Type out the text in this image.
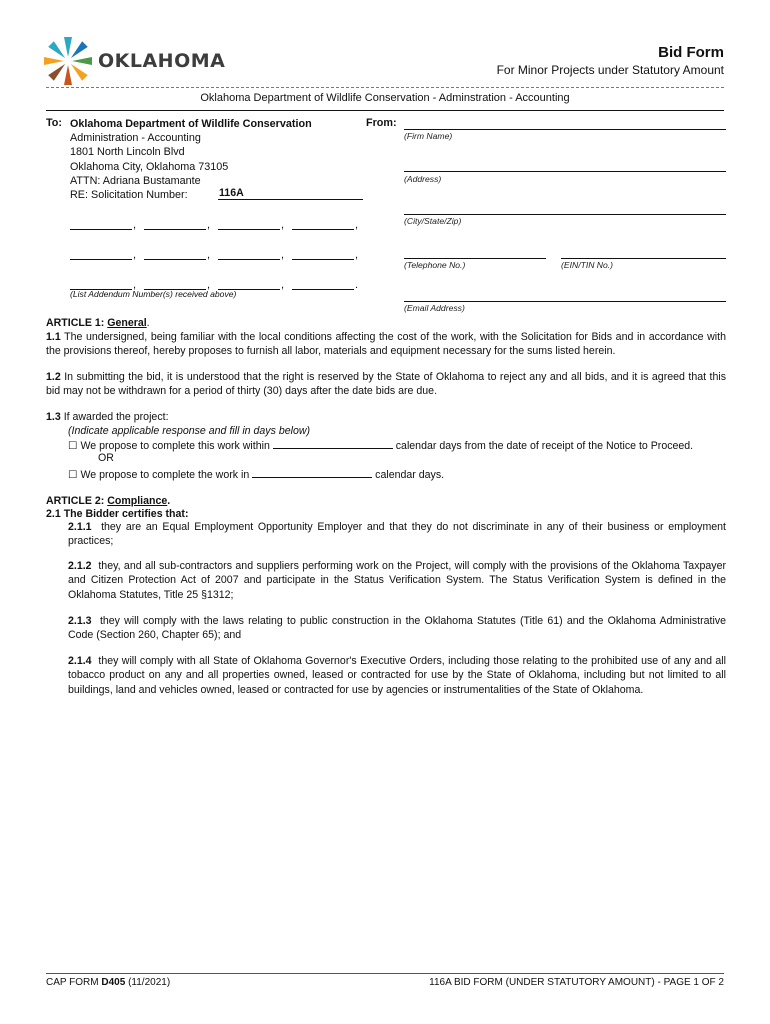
OKLAHOMA	Bid Form
For Minor Projects under Statutory Amount
Oklahoma Department of Wildlife Conservation - Adminstration - Accounting
To: Oklahoma Department of Wildlife Conservation
Administration - Accounting
1801 North Lincoln Blvd
Oklahoma City, Oklahoma 73105
ATTN: Adriana Bustamante
RE: Solicitation Number:	116A
,	,	,	,
,	,	,	,
,	,	,	.
(List Addendum Number(s) received above)
From:
(Firm Name)
(Address)
(City/State/Zip)
(Telephone No.)	(EIN/TIN No.)
(Email Address)
ARTICLE 1: General.
1.1 The undersigned, being familiar with the local conditions affecting the cost of the work, with the Solicitation for Bids and in accordance with the provisions thereof, hereby proposes to furnish all labor, materials and equipment necessary for the sums listed herein.
1.2 In submitting the bid, it is understood that the right is reserved by the State of Oklahoma to reject any and all bids, and it is agreed that this bid may not be withdrawn for a period of thirty (30) days after the date bids are due.
1.3 If awarded the project:
(Indicate applicable response and fill in days below)
☐ We propose to complete this work within	calendar days from the date of receipt of the Notice to Proceed.
OR
☐ We propose to complete the work in	calendar days.
ARTICLE 2: Compliance.
2.1 The Bidder certifies that:
2.1.1 they are an Equal Employment Opportunity Employer and that they do not discriminate in any of their business or employment practices;
2.1.2 they, and all sub-contractors and suppliers performing work on the Project, will comply with the provisions of the Oklahoma Taxpayer and Citizen Protection Act of 2007 and participate in the Status Verification System. The Status Verification System is defined in the Oklahoma Statutes, Title 25 §1312;
2.1.3 they will comply with the laws relating to public construction in the Oklahoma Statutes (Title 61) and the Oklahoma Administrative Code (Section 260, Chapter 65); and
2.1.4 they will comply with all State of Oklahoma Governor's Executive Orders, including those relating to the prohibited use of any and all tobacco product on any and all properties owned, leased or contracted for use by the State of Oklahoma, including but not limited to all buildings, land and vehicles owned, leased or contracted for use by agencies or instrumentalities of the State of Oklahoma.
CAP FORM D405 (11/2021)	116A BID FORM (UNDER STATUTORY AMOUNT) - PAGE 1 OF 2
